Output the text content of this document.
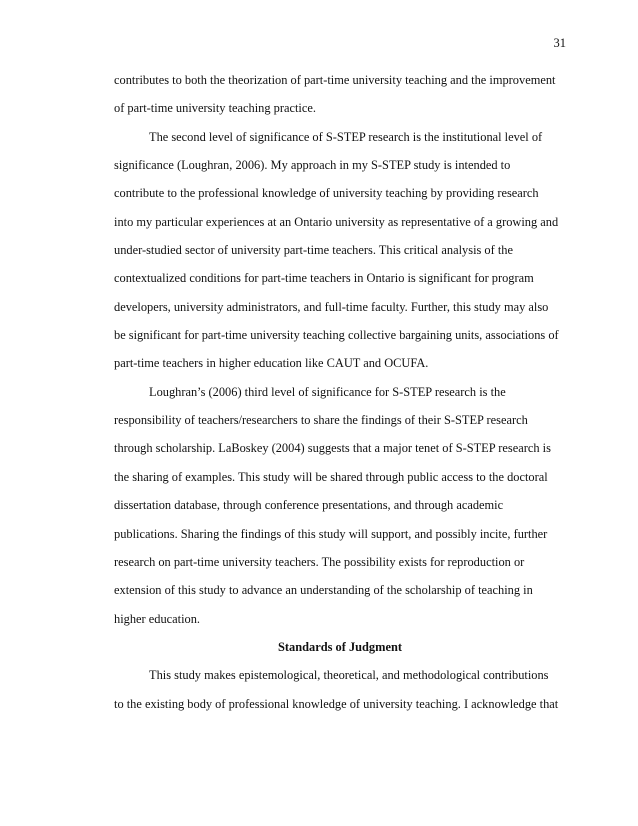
31
contributes to both the theorization of part-time university teaching and the improvement
of part-time university teaching practice.
The second level of significance of S-STEP research is the institutional level of
significance (Loughran, 2006). My approach in my S-STEP study is intended to
contribute to the professional knowledge of university teaching by providing research
into my particular experiences at an Ontario university as representative of a growing and
under-studied sector of university part-time teachers. This critical analysis of the
contextualized conditions for part-time teachers in Ontario is significant for program
developers, university administrators, and full-time faculty. Further, this study may also
be significant for part-time university teaching collective bargaining units, associations of
part-time teachers in higher education like CAUT and OCUFA.
Loughran’s (2006) third level of significance for S-STEP research is the
responsibility of teachers/researchers to share the findings of their S-STEP research
through scholarship. LaBoskey (2004) suggests that a major tenet of S-STEP research is
the sharing of examples. This study will be shared through public access to the doctoral
dissertation database, through conference presentations, and through academic
publications. Sharing the findings of this study will support, and possibly incite, further
research on part-time university teachers. The possibility exists for reproduction or
extension of this study to advance an understanding of the scholarship of teaching in
higher education.
Standards of Judgment
This study makes epistemological, theoretical, and methodological contributions
to the existing body of professional knowledge of university teaching. I acknowledge that
